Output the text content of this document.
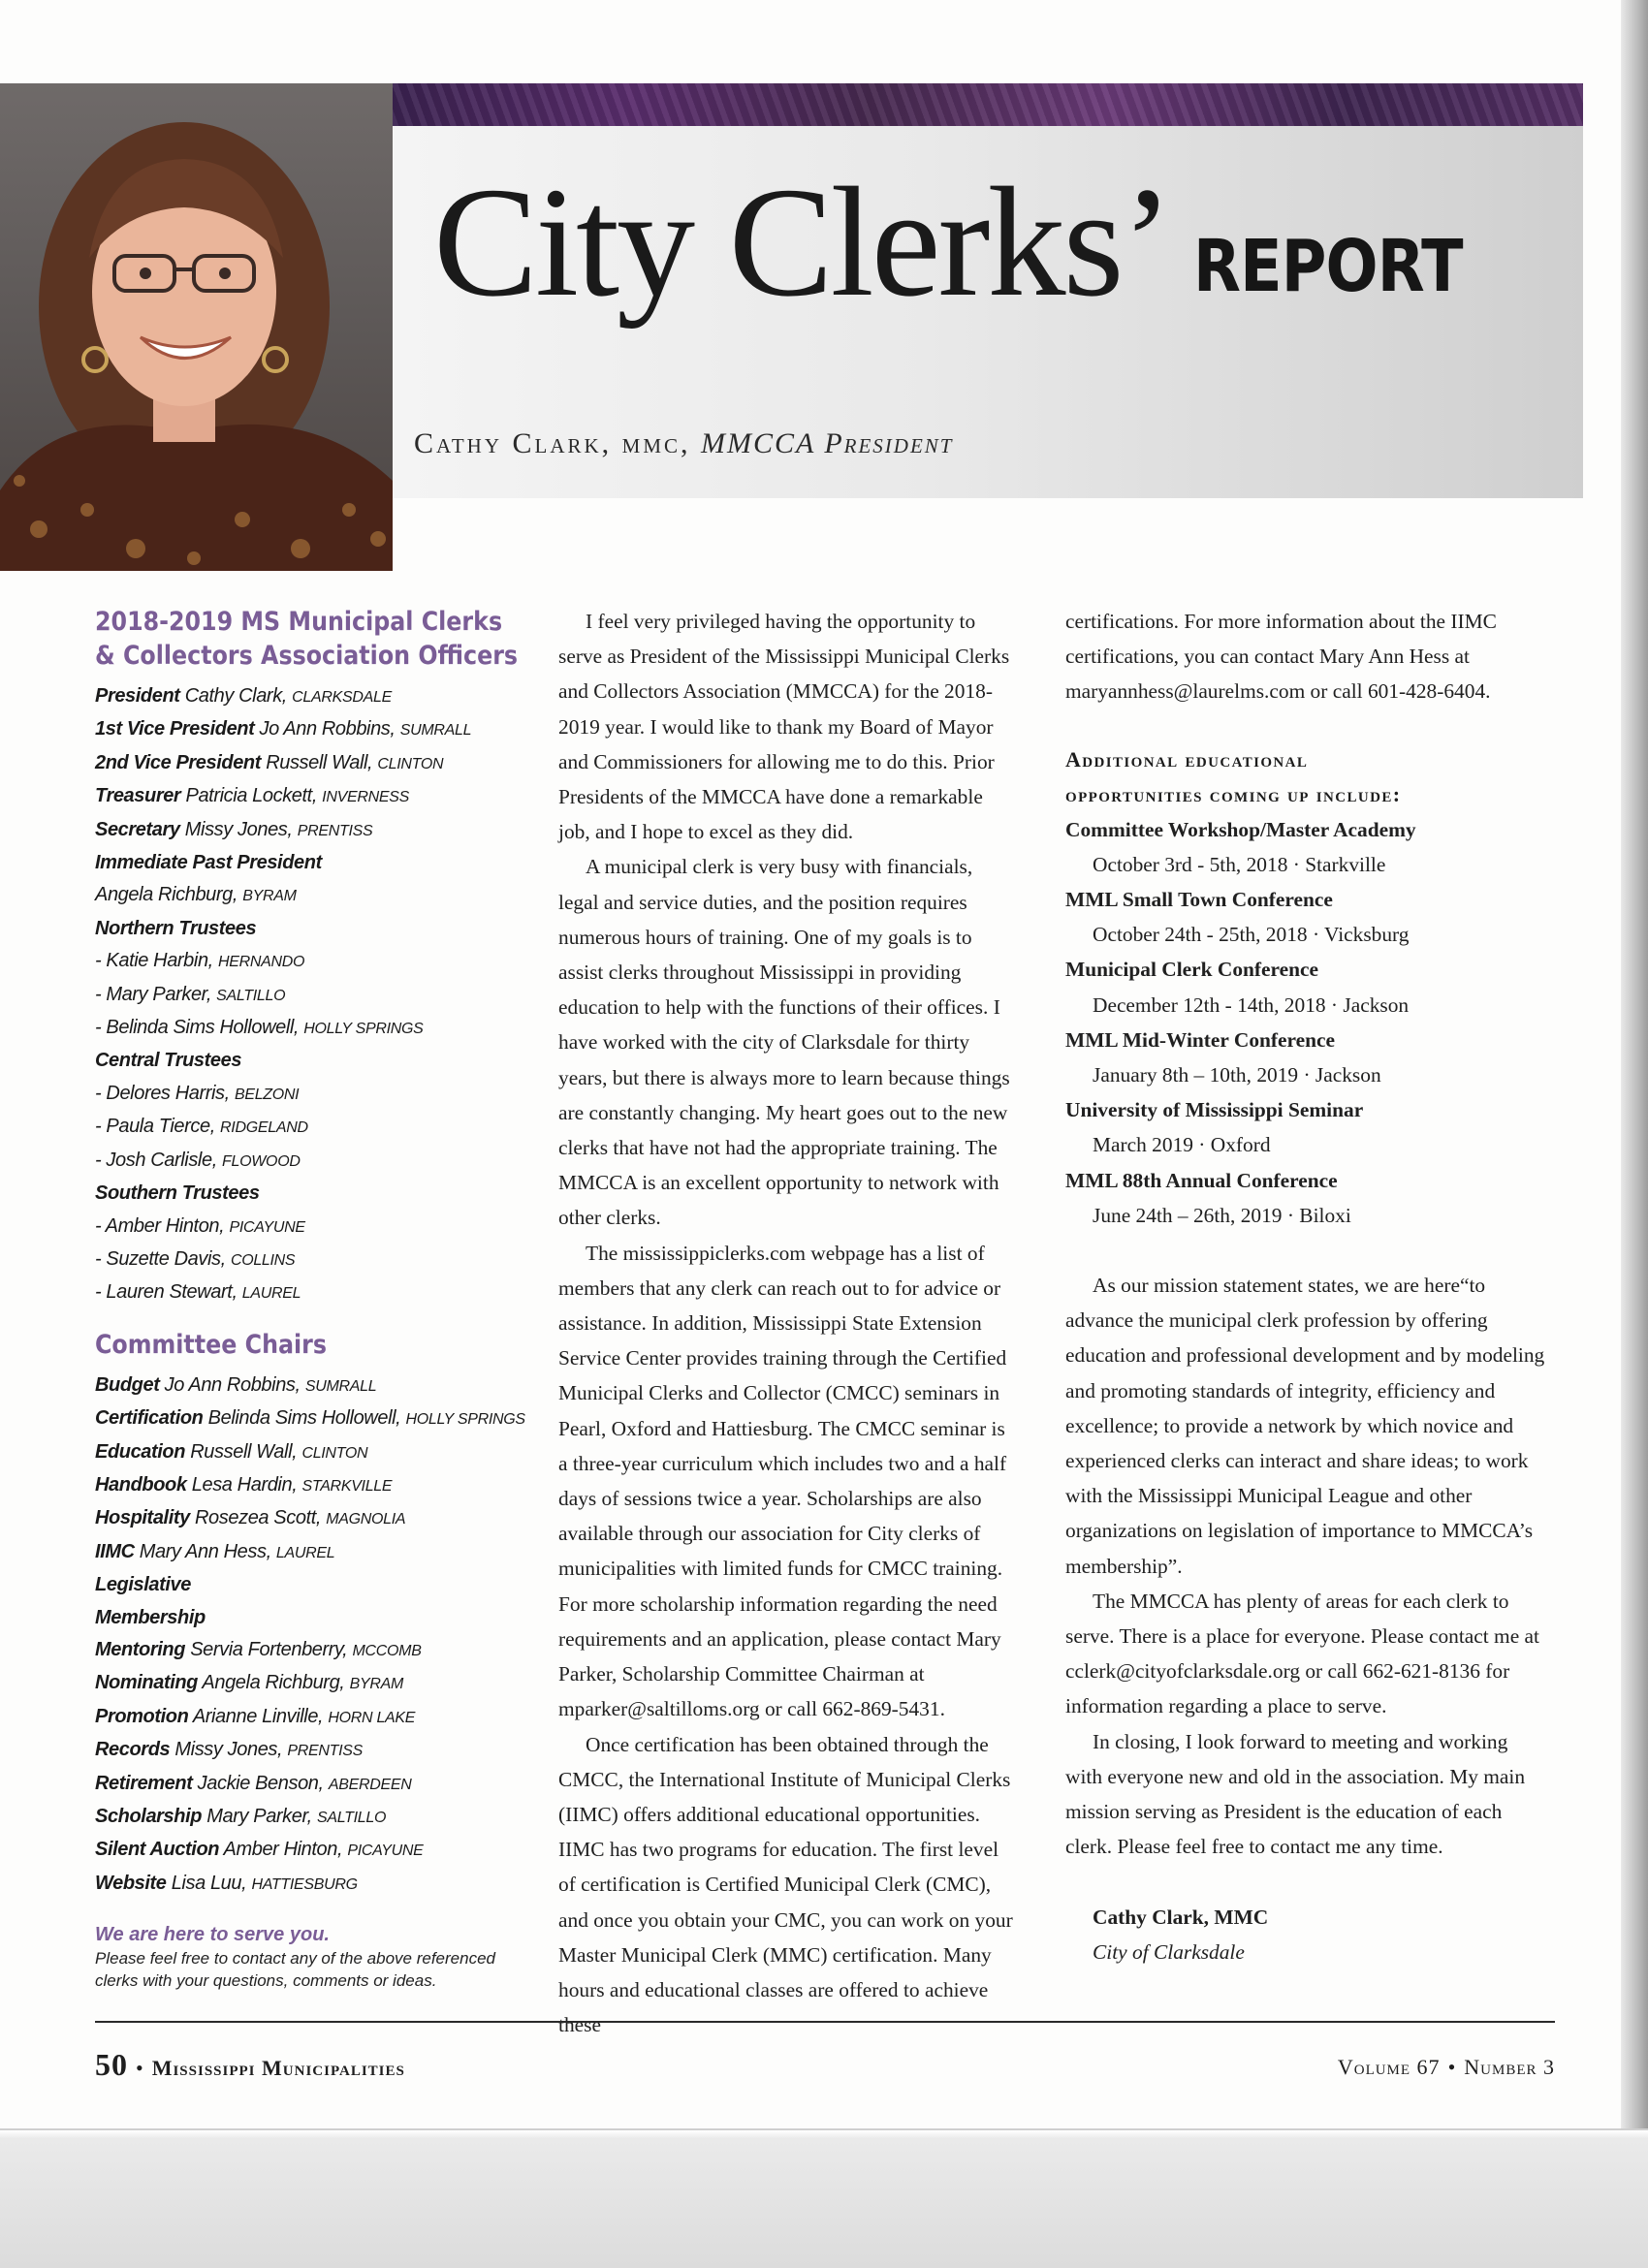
City Clerks’ REPORT
Cathy Clark, mmc, MMCCA President
2018-2019 MS Municipal Clerks
& Collectors Association Officers
President Cathy Clark, CLARKSDALE
1st Vice President Jo Ann Robbins, SUMRALL
2nd Vice President Russell Wall, CLINTON
Treasurer Patricia Lockett, INVERNESS
Secretary Missy Jones, PRENTISS
Immediate Past President
Angela Richburg, BYRAM
Northern Trustees
- Katie Harbin, HERNANDO
- Mary Parker, SALTILLO
- Belinda Sims Hollowell, HOLLY SPRINGS
Central Trustees
- Delores Harris, BELZONI
- Paula Tierce, RIDGELAND
- Josh Carlisle, FLOWOOD
Southern Trustees
- Amber Hinton, PICAYUNE
- Suzette Davis, COLLINS
- Lauren Stewart, LAUREL
Committee Chairs
Budget Jo Ann Robbins, SUMRALL
Certification Belinda Sims Hollowell, HOLLY SPRINGS
Education Russell Wall, CLINTON
Handbook Lesa Hardin, STARKVILLE
Hospitality Rosezea Scott, MAGNOLIA
IIMC Mary Ann Hess, LAUREL
Legislative
Membership
Mentoring Servia Fortenberry, MCCOMB
Nominating Angela Richburg, BYRAM
Promotion Arianne Linville, HORN LAKE
Records Missy Jones, PRENTISS
Retirement Jackie Benson, ABERDEEN
Scholarship Mary Parker, SALTILLO
Silent Auction Amber Hinton, PICAYUNE
Website Lisa Luu, HATTIESBURG
We are here to serve you.
Please feel free to contact any of the above referenced clerks with your questions, comments or ideas.

I feel very privileged having the opportunity to serve as President of the Mississippi Municipal Clerks and Collectors Association (MMCCA) for the 2018-2019 year. I would like to thank my Board of Mayor and Commissioners for allowing me to do this. Prior Presidents of the MMCCA have done a remarkable job, and I hope to excel as they did.

A municipal clerk is very busy with financials, legal and service duties, and the position requires numerous hours of training. One of my goals is to assist clerks throughout Mississippi in providing education to help with the functions of their offices. I have worked with the city of Clarksdale for thirty years, but there is always more to learn because things are constantly changing. My heart goes out to the new clerks that have not had the appropriate training. The MMCCA is an excellent opportunity to network with other clerks.

The mississippiclerks.com webpage has a list of members that any clerk can reach out to for advice or assistance. In addition, Mississippi State Extension Service Center provides training through the Certified Municipal Clerks and Collector (CMCC) seminars in Pearl, Oxford and Hattiesburg. The CMCC seminar is a three-year curriculum which includes two and a half days of sessions twice a year. Scholarships are also available through our association for City clerks of municipalities with limited funds for CMCC training. For more scholarship information regarding the need requirements and an application, please contact Mary Parker, Scholarship Committee Chairman at mparker@saltilloms.org or call 662-869-5431.

Once certification has been obtained through the CMCC, the International Institute of Municipal Clerks (IIMC) offers additional educational opportunities. IIMC has two programs for education. The first level of certification is Certified Municipal Clerk (CMC), and once you obtain your CMC, you can work on your Master Municipal Clerk (MMC) certification. Many hours and educational classes are offered to achieve these

certifications. For more information about the IIMC certifications, you can contact Mary Ann Hess at maryannhess@laurelms.com or call 601-428-6404.

Additional educational
opportunities coming up include:
Committee Workshop/Master Academy
October 3rd - 5th, 2018 · Starkville
MML Small Town Conference
October 24th - 25th, 2018 · Vicksburg
Municipal Clerk Conference
December 12th - 14th, 2018 · Jackson
MML Mid-Winter Conference
January 8th – 10th, 2019 · Jackson
University of Mississippi Seminar
March 2019 · Oxford
MML 88th Annual Conference
June 24th – 26th, 2019 · Biloxi

As our mission statement states, we are here“to advance the municipal clerk profession by offering education and professional development and by modeling and promoting standards of integrity, efficiency and excellence; to provide a network by which novice and experienced clerks can interact and share ideas; to work with the Mississippi Municipal League and other organizations on legislation of importance to MMCCA’s membership”.

The MMCCA has plenty of areas for each clerk to serve. There is a place for everyone. Please contact me at cclerk@cityofclarksdale.org or call 662-621-8136 for information regarding a place to serve.

In closing, I look forward to meeting and working with everyone new and old in the association. My main mission serving as President is the education of each clerk. Please feel free to contact me any time.

Cathy Clark, MMC

City of Clarksdale

50 • Mississippi Municipalities	Volume 67 • Number 3
